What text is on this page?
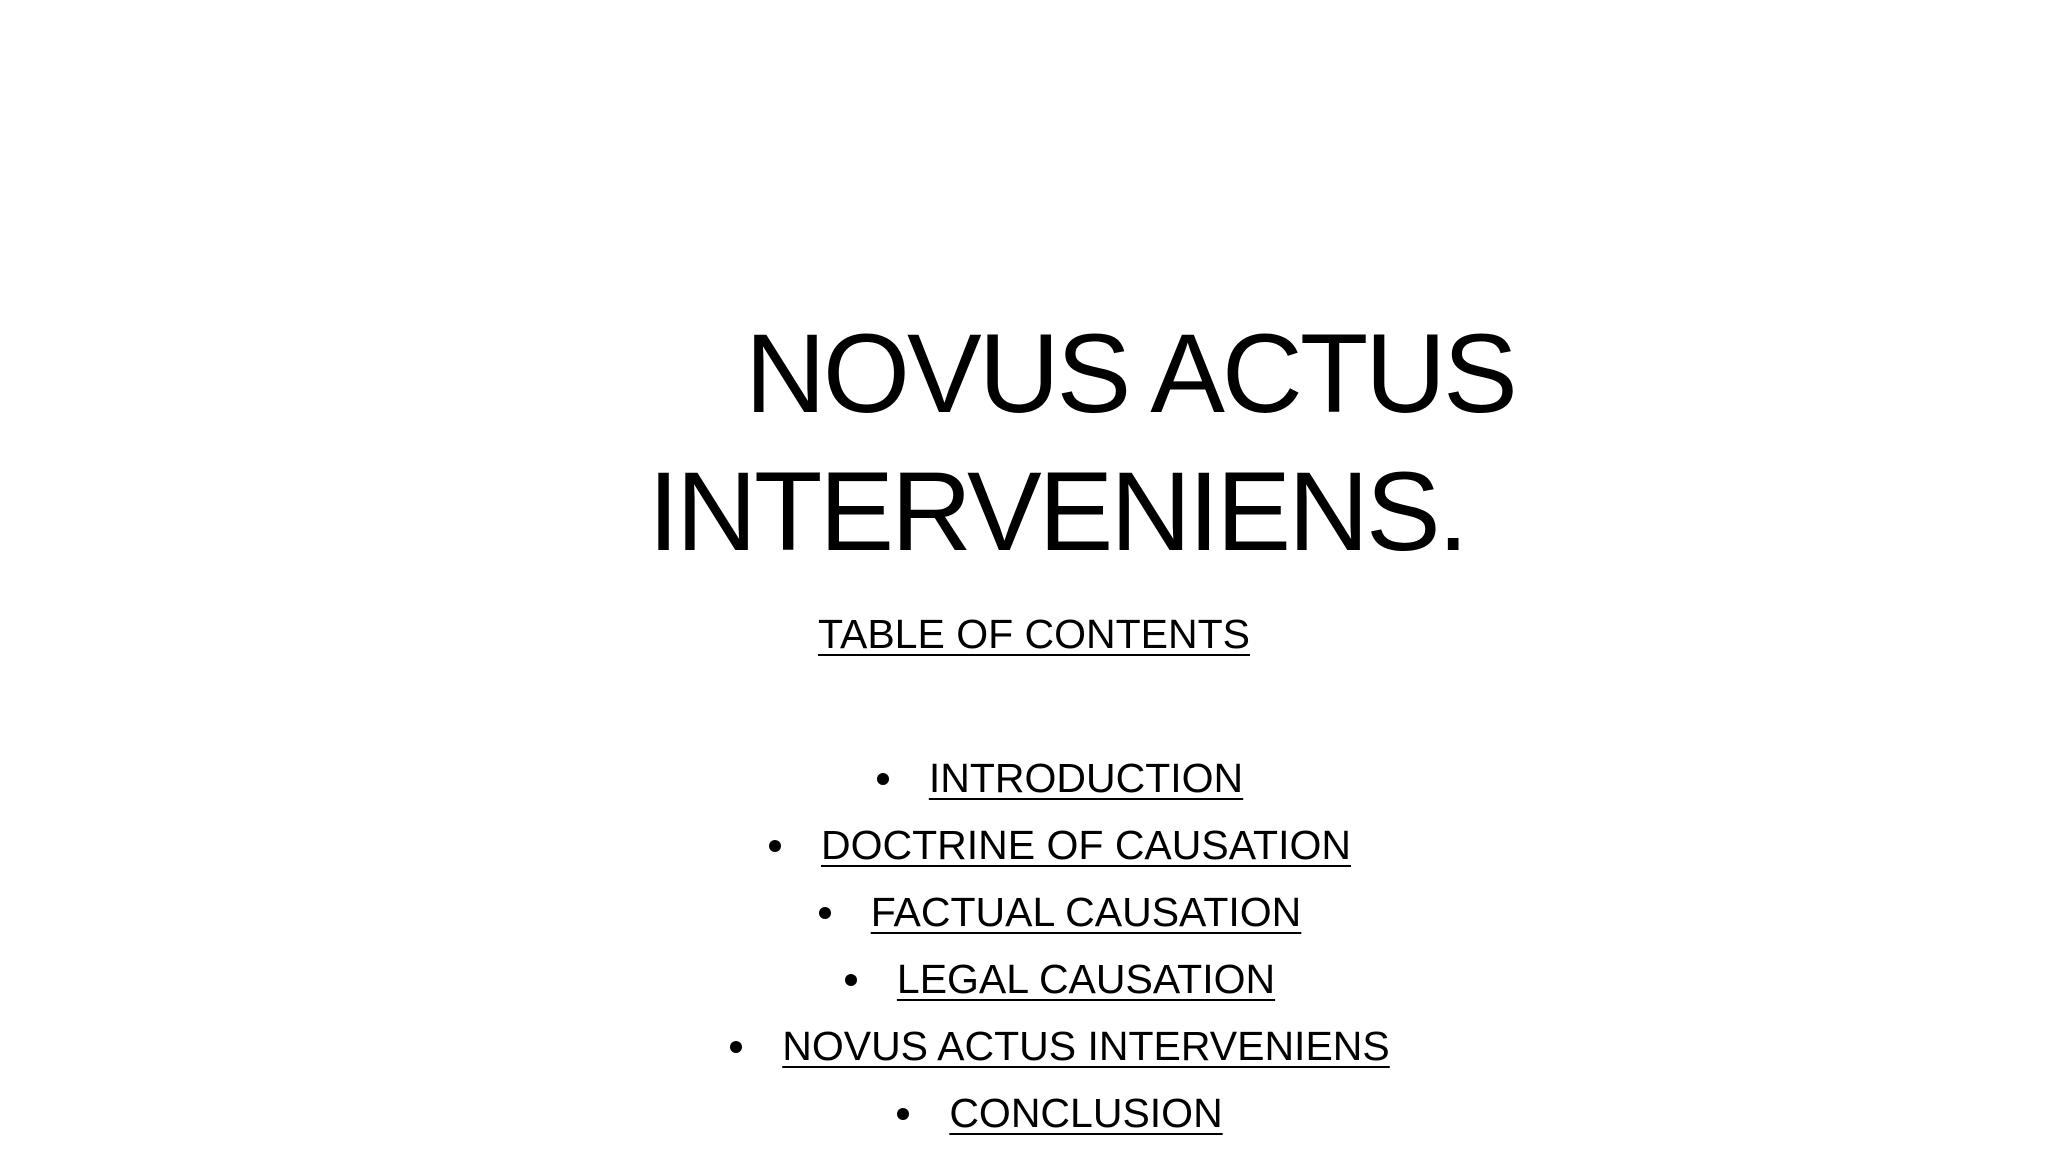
NOVUS ACTUS
INTERVENIENS.
TABLE OF CONTENTS
INTRODUCTION
DOCTRINE OF CAUSATION
FACTUAL CAUSATION
LEGAL CAUSATION
NOVUS ACTUS INTERVENIENS
CONCLUSION
